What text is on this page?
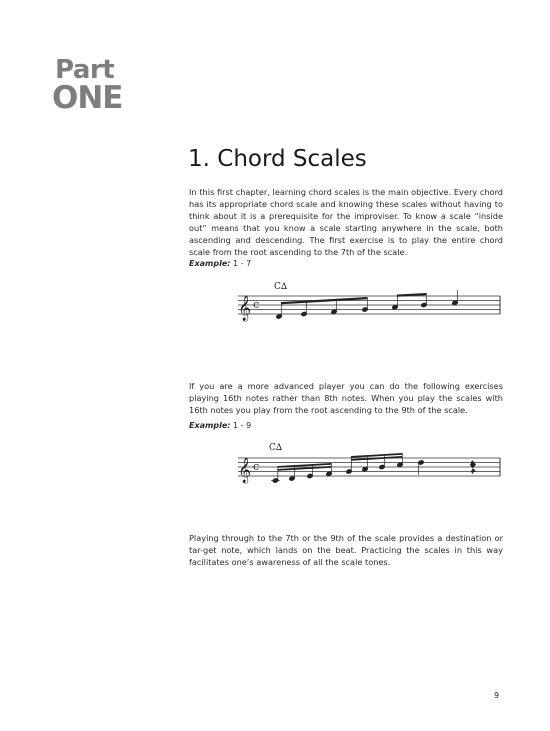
Part
ONE
1. Chord Scales
In this first chapter, learning chord scales is the main objective. Every chord has its appropriate chord scale and knowing these scales without having to think about it is a prerequisite for the improviser. To know a scale “inside out” means that you know a scale starting anywhere in the scale, both ascending and descending. The first exercise is to play the entire chord scale from the root ascending to the 7th of the scale.
Example: 1 - 7
C∆
𝄞 c
If you are a more advanced player you can do the following exercises playing 16th notes rather than 8th notes. When you play the scales with 16th notes you play from the root ascending to the 9th of the scale.
Example: 1 - 9
C∆
𝄞 c
Playing through to the 7th or the 9th of the scale provides a destination or tar-get note, which lands on the beat. Practicing the scales in this way facilitates one’s awareness of all the scale tones.
9
